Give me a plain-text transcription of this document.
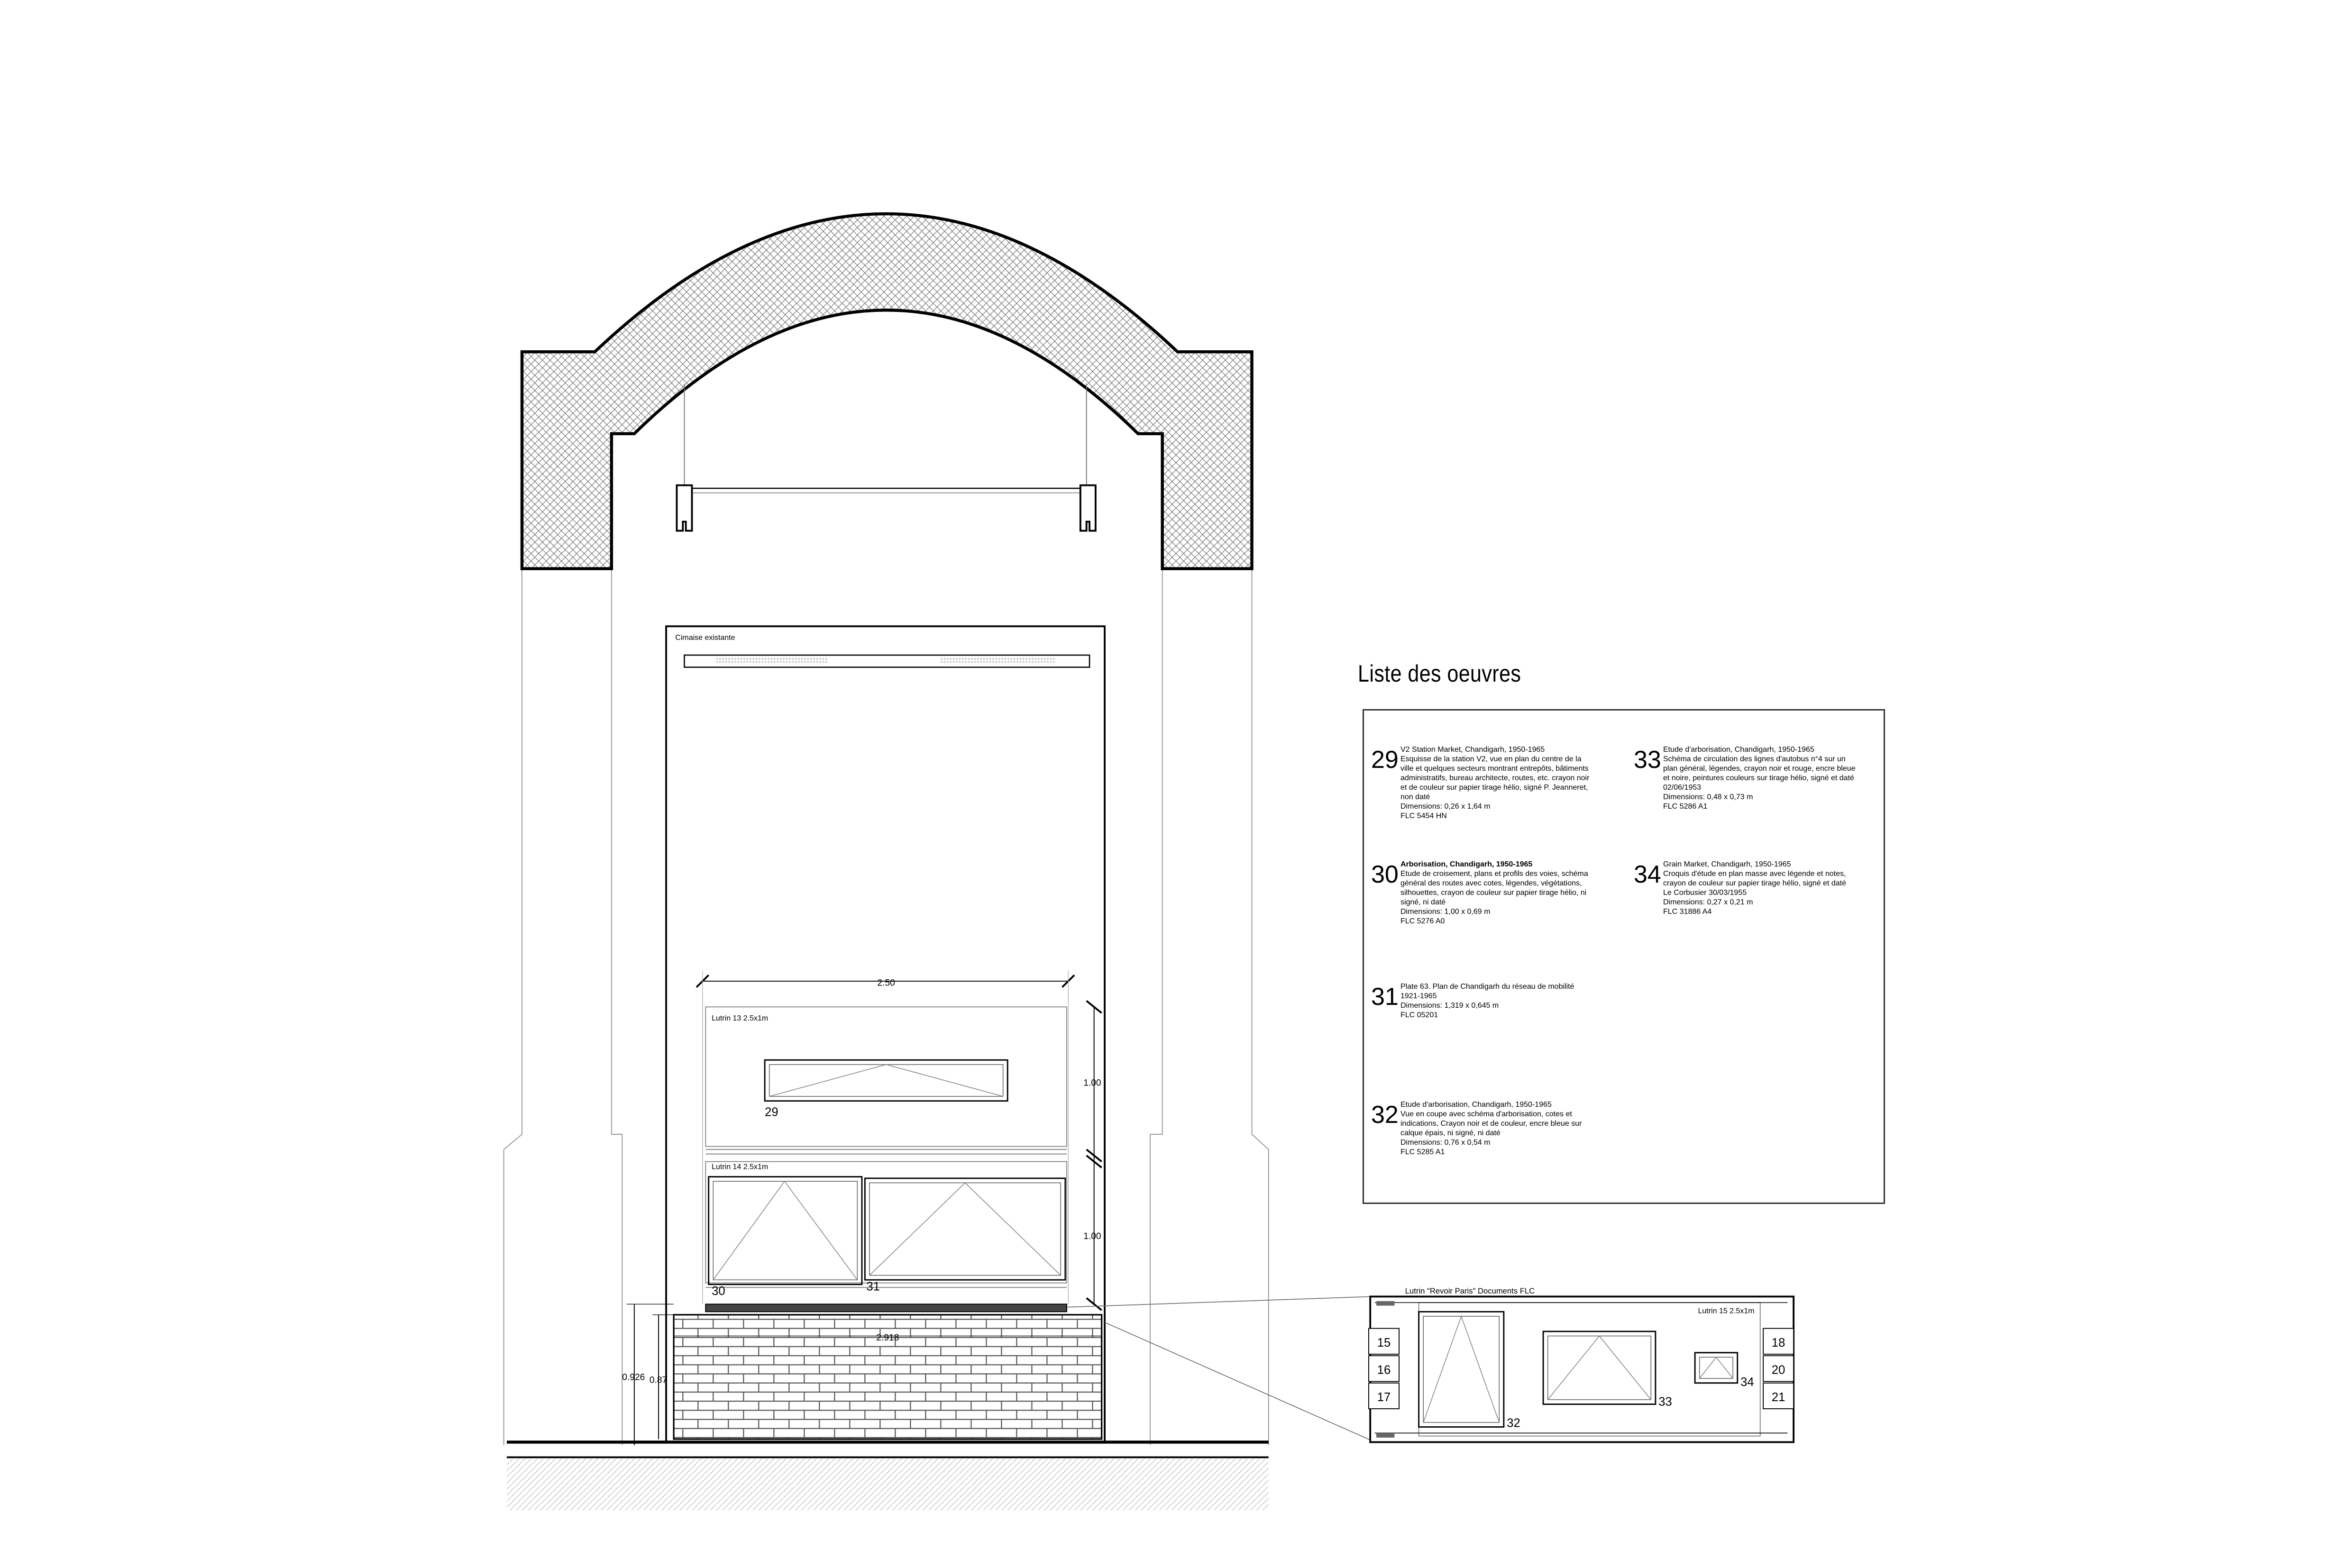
Cimaise existante
2.50
Lutrin 13 2.5x1m
29
Lutrin 14 2.5x1m
30	31
1.00
1.00
2.918
0.926 0.87
Lutrin "Revoir Paris" Documents FLC
Lutrin 15 2.5x1m
15
16
17
18
20
21
32
33
34
Liste des oeuvres
29 V2 Station Market, Chandigarh, 1950-1965
Esquisse de la station V2, vue en plan du centre de la
ville et quelques secteurs montrant entrepôts, bâtiments
administratifs, bureau architecte, routes, etc. crayon noir
et de couleur sur papier tirage hélio, signé P. Jeanneret,
non daté
Dimensions: 0,26 x 1,64 m
FLC 5454 HN
30 Arborisation, Chandigarh, 1950-1965
Etude de croisement, plans et profils des voies, schéma
général des routes avec cotes, légendes, végétations,
silhouettes, crayon de couleur sur papier tirage hélio, ni
signé, ni daté
Dimensions: 1,00 x 0,69 m
FLC 5276 A0
31 Plate 63. Plan de Chandigarh du réseau de mobilité
1921-1965
Dimensions: 1,319 x 0,645 m
FLC 05201
32 Etude d'arborisation, Chandigarh, 1950-1965
Vue en coupe avec schéma d'arborisation, cotes et
indications, Crayon noir et de couleur, encre bleue sur
calque épais, ni signé, ni daté
Dimensions: 0,76 x 0,54 m
FLC 5285 A1
33 Etude d'arborisation, Chandigarh, 1950-1965
Schéma de circulation des lignes d'autobus n°4 sur un
plan général, légendes, crayon noir et rouge, encre bleue
et noire, peintures couleurs sur tirage hélio, signé et daté
02/06/1953
Dimensions: 0,48 x 0,73 m
FLC 5286 A1
34 Grain Market, Chandigarh, 1950-1965
Croquis d'étude en plan masse avec légende et notes,
crayon de couleur sur papier tirage hélio, signé et daté
Le Corbusier 30/03/1955
Dimensions: 0,27 x 0,21 m
FLC 31886 A4
